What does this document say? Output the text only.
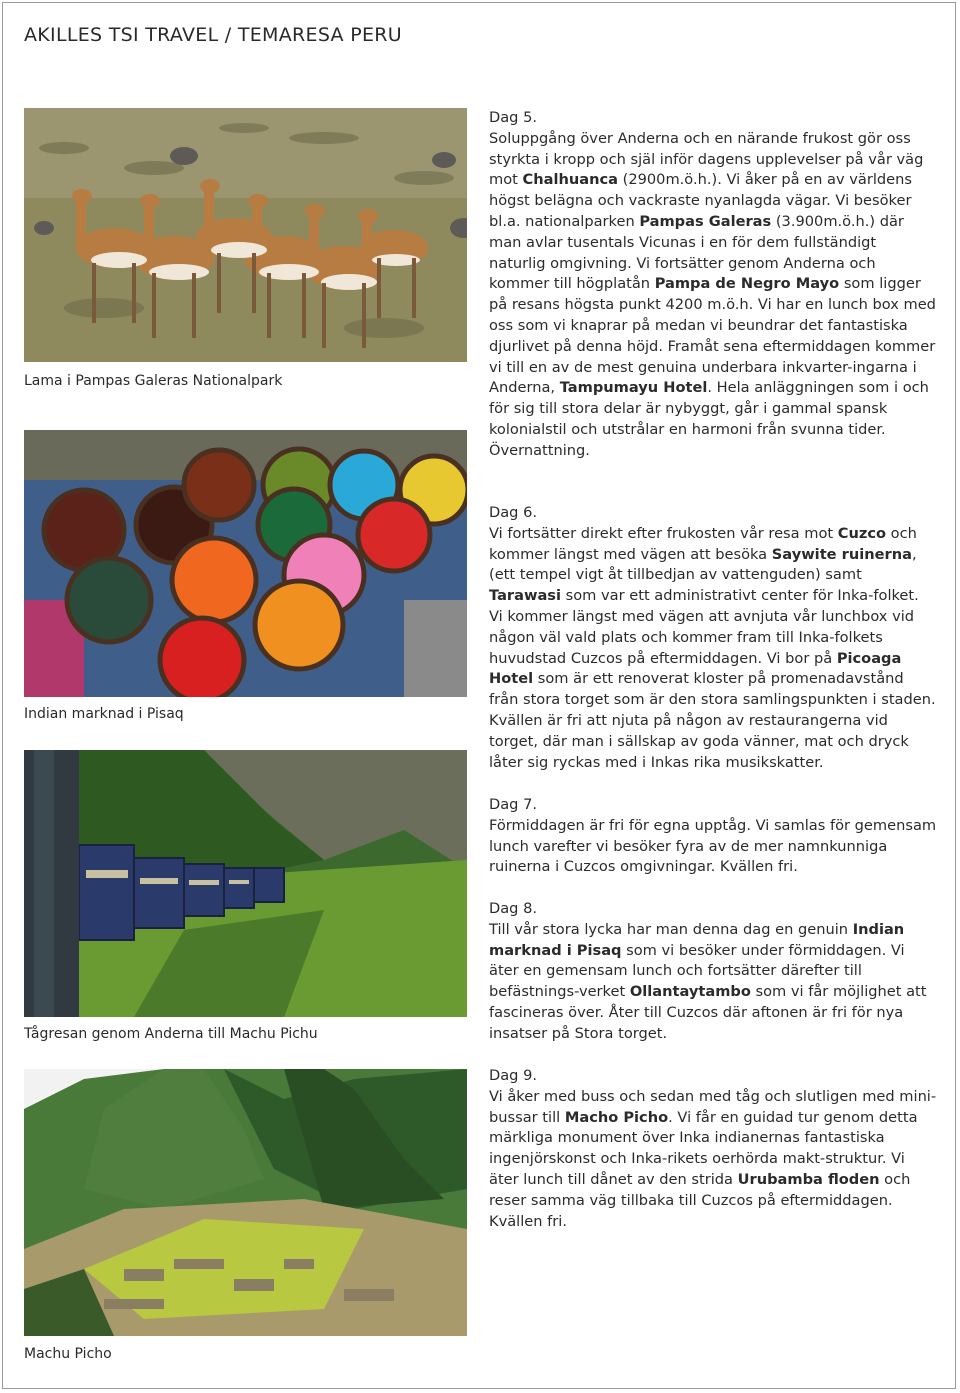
AKILLES TSI TRAVEL / TEMARESA PERU
Lama i Pampas Galeras Nationalpark
Indian marknad i Pisaq
Tågresan genom Anderna till Machu Pichu
Machu Picho
Dag 5.

Soluppgång över Anderna och en närande frukost gör oss styrkta i kropp och själ inför dagens upplevelser på vår väg mot Chalhuanca (2900m.ö.h.). Vi åker på en av världens högst belägna och vackraste nyanlagda vägar. Vi besöker bl.a. nationalparken Pampas Galeras (3.900m.ö.h.) där man avlar tusentals Vicunas i en för dem fullständigt naturlig omgivning. Vi fortsätter genom Anderna och kommer till högplatån Pampa de Negro Mayo som ligger på resans högsta punkt 4200 m.ö.h. Vi har en lunch box med oss som vi knaprar på medan vi beundrar det fantastiska djurlivet på denna höjd. Framåt sena eftermiddagen kommer vi till en av de mest genuina underbara inkvarter-ingarna i Anderna, Tampumayu Hotel. Hela anläggningen som i och för sig till stora delar är nybyggt, går i gammal spansk kolonialstil och utstrålar en harmoni från svunna tider. Övernattning.

Dag 6.

Vi fortsätter direkt efter frukosten vår resa mot Cuzco och kommer längst med vägen att besöka Saywite ruinerna, (ett tempel vigt åt tillbedjan av vattenguden) samt Tarawasi som var ett administrativt center för Inka-folket. Vi kommer längst med vägen att avnjuta vår lunchbox vid någon väl vald plats och kommer fram till Inka-folkets huvudstad Cuzcos på eftermiddagen. Vi bor på Picoaga Hotel som är ett renoverat kloster på promenadavstånd från stora torget som är den stora samlingspunkten i staden. Kvällen är fri att njuta på någon av restaurangerna vid torget, där man i sällskap av goda vänner, mat och dryck låter sig ryckas med i Inkas rika musikskatter.

Dag 7.

Förmiddagen är fri för egna upptåg. Vi samlas för gemensam lunch varefter vi besöker fyra av de mer namnkunniga ruinerna i Cuzcos omgivningar. Kvällen fri.

Dag 8.

Till vår stora lycka har man denna dag en genuin Indian marknad i Pisaq som vi besöker under förmiddagen. Vi äter en gemensam lunch och fortsätter därefter till befästnings-verket Ollantaytambo som vi får möjlighet att fascineras över. Åter till Cuzcos där aftonen är fri för nya insatser på Stora torget.

Dag 9.

Vi åker med buss och sedan med tåg och slutligen med mini-bussar till Macho Picho. Vi får en guidad tur genom detta märkliga monument över Inka indianernas fantastiska ingenjörskonst och Inka-rikets oerhörda makt-struktur. Vi äter lunch till dånet av den strida Urubamba floden och reser samma väg tillbaka till Cuzcos på eftermiddagen. Kvällen fri.
